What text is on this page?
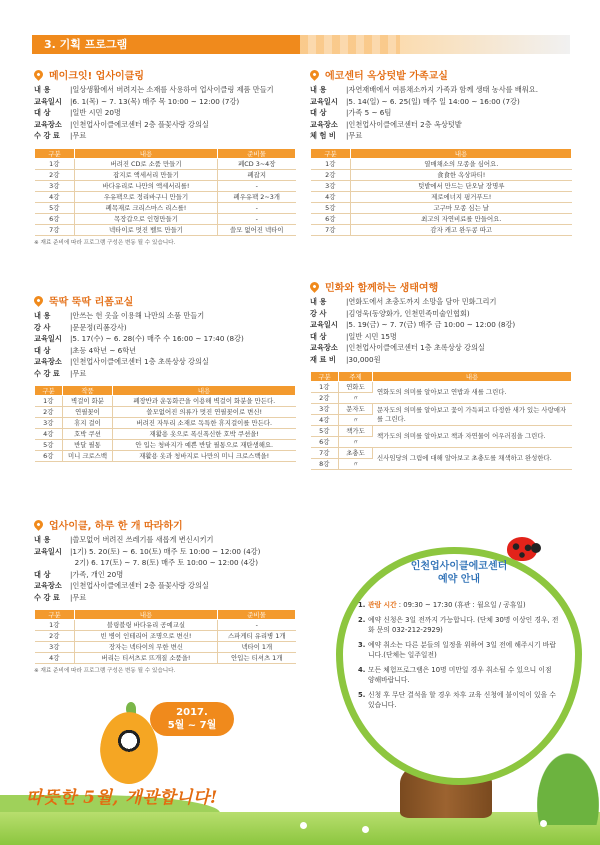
3. 기획 프로그램
메이크잇! 업사이클링
내 용	| 일상생활에서 버려지는 소재를 사용하여 업사이클링 제품 만들기
교육일시	| 6. 1(목) ~ 7. 13(목) 매주 목 10:00 ~ 12:00 (7강)
대 상	| 일반 시민 20명
교육장소	| 인천업사이클에코센터 2층 플꽃사랑 강의실
수 강 료	| 무료
구분	내용	준비물
1강	버려진 CD로 소품 만들기	폐CD 3~4장
2강	잡지로 액세서리 만들기	폐잡지
3강	바다유리로 나만의 액세서리를!	-
4강	우유팩으로 정리바구니 만들기	폐우유팩 2~3개
5강	폐목재로 크리스마스 리스를!	-
6강	목장갑으로 인형만들기	-
7강	넥타이로 멋진 벨트 만들기	쓸모 없어진 넥타이
※ 재료 준비에 따라 프로그램 구성은 변동 될 수 있습니다.
뚝딱 뚝딱 리폼교실
내 용	| 안쓰는 헌 옷을 이용해 나만의 소품 만들기
강 사	| 문문정(리폼강사)
교육일시	| 5. 17(수) ~ 6. 28(수) 매주 수 16:00 ~ 17:40 (8강)
대 상	| 초등 4학년 ~ 6학년
교육장소	| 인천업사이클에코센터 1층 초록상상 강의실
수 강 료	| 무료
구분	작품	내용
1강	벽걸이 화분	폐장반과 운동화끈을 이용해 벽걸이 화분을 만든다.
2강	연필꽂이	쓸모없어진 의류가 멋진 연필꽂이로 변신!
3강	휴지 걸이	버려진 자투리 소재로 독특한 휴지걸이를 만든다.
4강	호박 쿠션	재활용 옷으로 폭신폭신한 호박 쿠션을!
5강	반달 필통	안 입는 청바지가 예쁜 반달 필통으로 재탄생해요.
6강	미니 크로스백	재활용 옷과 청바지로 나만의 미니 크로스백을!
업사이클, 하루 한 개 따라하기
내 용	| 쓸모없어 버려진 쓰레기를 새롭게 변신시키기
교육일시	| 1기) 5. 20(토) ~ 6. 10(토) 매주 토 10:00 ~ 12:00 (4강)

2기) 6. 17(토) ~ 7. 8(토) 매주 토 10:00 ~ 12:00 (4강)
대 상	| 가족, 개인 20명
교육장소	| 인천업사이클에코센터 2층 플꽃사랑 강의실
수 강 료	| 무료
구분	내용	준비물
1강	블링블링 바다유리 공예교실	-
2강	빈 병이 인테리어 조명으로 변신!	스파게티 유리병 1개
3강	장자는 넥타이의 무한 변신	넥타이 1개
4강	버리는 티셔츠로 뜨개질 소품을!	안입는 티셔츠 1개
※ 재료 준비에 따라 프로그램 구성은 변동 될 수 있습니다.
에코센터 옥상텃밭 가족교실
내 용	| 자연재배에서 여름채소까지 가족과 함께 생태 농사를 배워요.
교육일시	| 5. 14(일) ~ 6. 25(일) 매주 일 14:00 ~ 16:00 (7강)
대 상	| 가족 5 ~ 6팀
교육장소	| 인천업사이클에코센터 2층 옥상텃밭
체 험 비	| 무료
구분	내용
1강	열매채소의 모종을 심어요.
2강	食食한 옥상파티!
3강	텃밭에서 만드는 단오날 장명루
4강	제로에너지 핑거푸드!
5강	고구마 모종 심는 날
6강	최고의 자연비료를 만들어요.
7강	감자 캐고 완두콩 따고
민화와 함께하는 생태여행
내 용	| 연화도에서 초충도까지 소망을 담아 민화그리기
강 사	| 김영욱(동양화가, 인천민족미술인협회)
교육일시	| 5. 19(금) ~ 7. 7(금) 매주 금 10:00 ~ 12:00 (8강)
대 상	| 일반 시민 15명
교육장소	| 인천업사이클에코센터 1층 초록상상 강의실
재 료 비	| 30,000원
구분	주제	내용
1강	연화도	연화도의 의미를 알아보고 연밥과 새를 그린다.
2강	〃	
3강	문자도	문자도의 의미를 알아보고 꽃이 가득피고 다정한 새가 있는 사랑애자를 그린다.
4강	〃	
5강	책가도	책가도의 의미를 알아보고 책과 자연물이 어우러짐을 그린다.
6강	〃	
7강	초충도	신사임당의 그림에 대해 알아보고 초충도를 채색하고 완성한다.
8강	〃	
인천업사이클에코센터
예약 안내
1. 관람 시간 : 09:30 ~ 17:30 (휴관 : 월요일 / 공휴일)
2. 예약 신청은 3일 전까지 가능합니다. (단체 30명 이상인 경우, 전화 문의 032-212-2929)
3. 예약 취소는 다른 분들의 일정을 위하여 3일 전에 해주시기 바랍니다.(단체는 일주일전)
4. 모든 체험프로그램은 10명 미만일 경우 취소될 수 있으니 이점 양해바랍니다.
5. 신청 후 무단 결석을 할 경우 차후 교육 신청에 불이익이 있을 수 있습니다.
2017.
5월 ~ 7월
따뜻한 5월, 개관합니다!
